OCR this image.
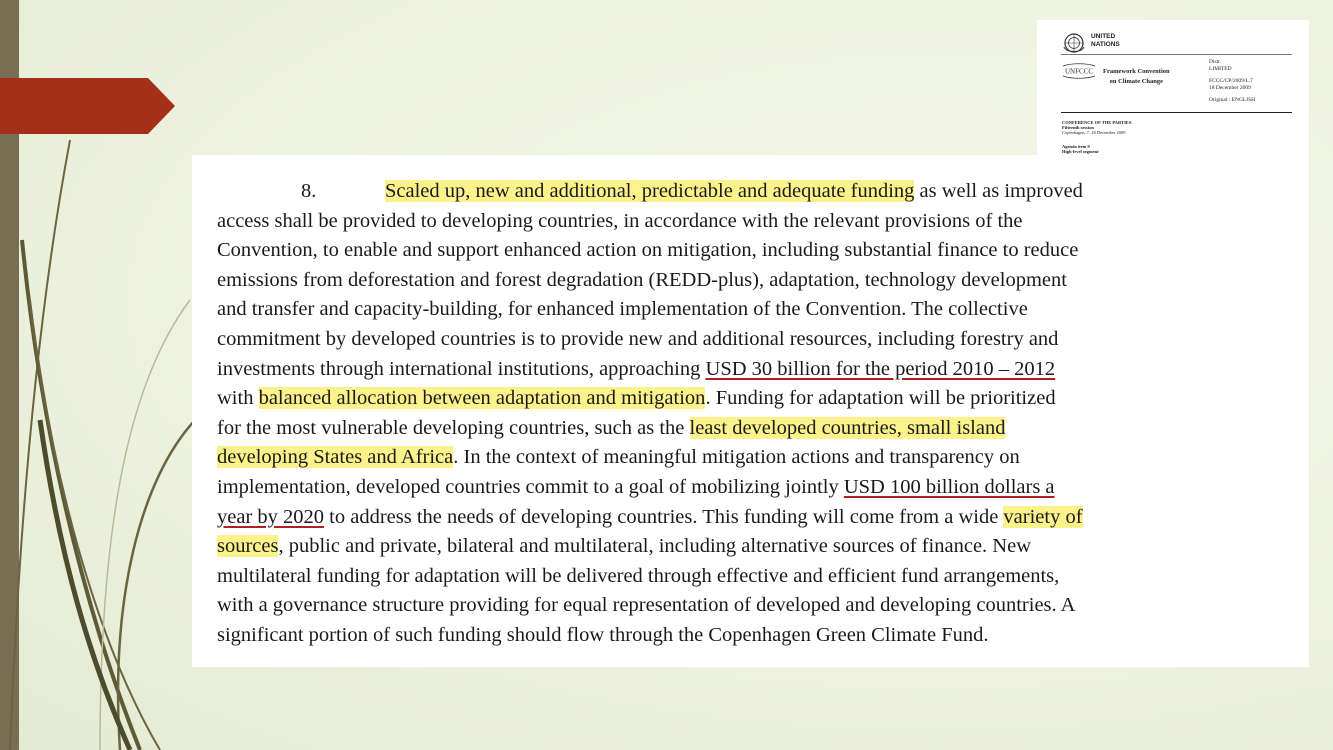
UNITED
NATIONS
UNFCCC Framework Convention
on Climate Change
Distr.
LIMITED
FCCC/CP/2009/L.7
18 December 2009
Original : ENGLISH
CONFERENCE OF THE PARTIES
Fifteenth session
Copenhagen, 7–18 December 2009
Agenda item 9
High-level segment

8.	Scaled up, new and additional, predictable and adequate funding as well as improved
access shall be provided to developing countries, in accordance with the relevant provisions of the
Convention, to enable and support enhanced action on mitigation, including substantial finance to reduce
emissions from deforestation and forest degradation (REDD-plus), adaptation, technology development
and transfer and capacity-building, for enhanced implementation of the Convention. The collective
commitment by developed countries is to provide new and additional resources, including forestry and
investments through international institutions, approaching USD 30 billion for the period 2010 – 2012
with balanced allocation between adaptation and mitigation. Funding for adaptation will be prioritized
for the most vulnerable developing countries, such as the least developed countries, small island
developing States and Africa. In the context of meaningful mitigation actions and transparency on
implementation, developed countries commit to a goal of mobilizing jointly USD 100 billion dollars a
year by 2020 to address the needs of developing countries. This funding will come from a wide variety of
sources, public and private, bilateral and multilateral, including alternative sources of finance. New
multilateral funding for adaptation will be delivered through effective and efficient fund arrangements,
with a governance structure providing for equal representation of developed and developing countries. A
significant portion of such funding should flow through the Copenhagen Green Climate Fund.
